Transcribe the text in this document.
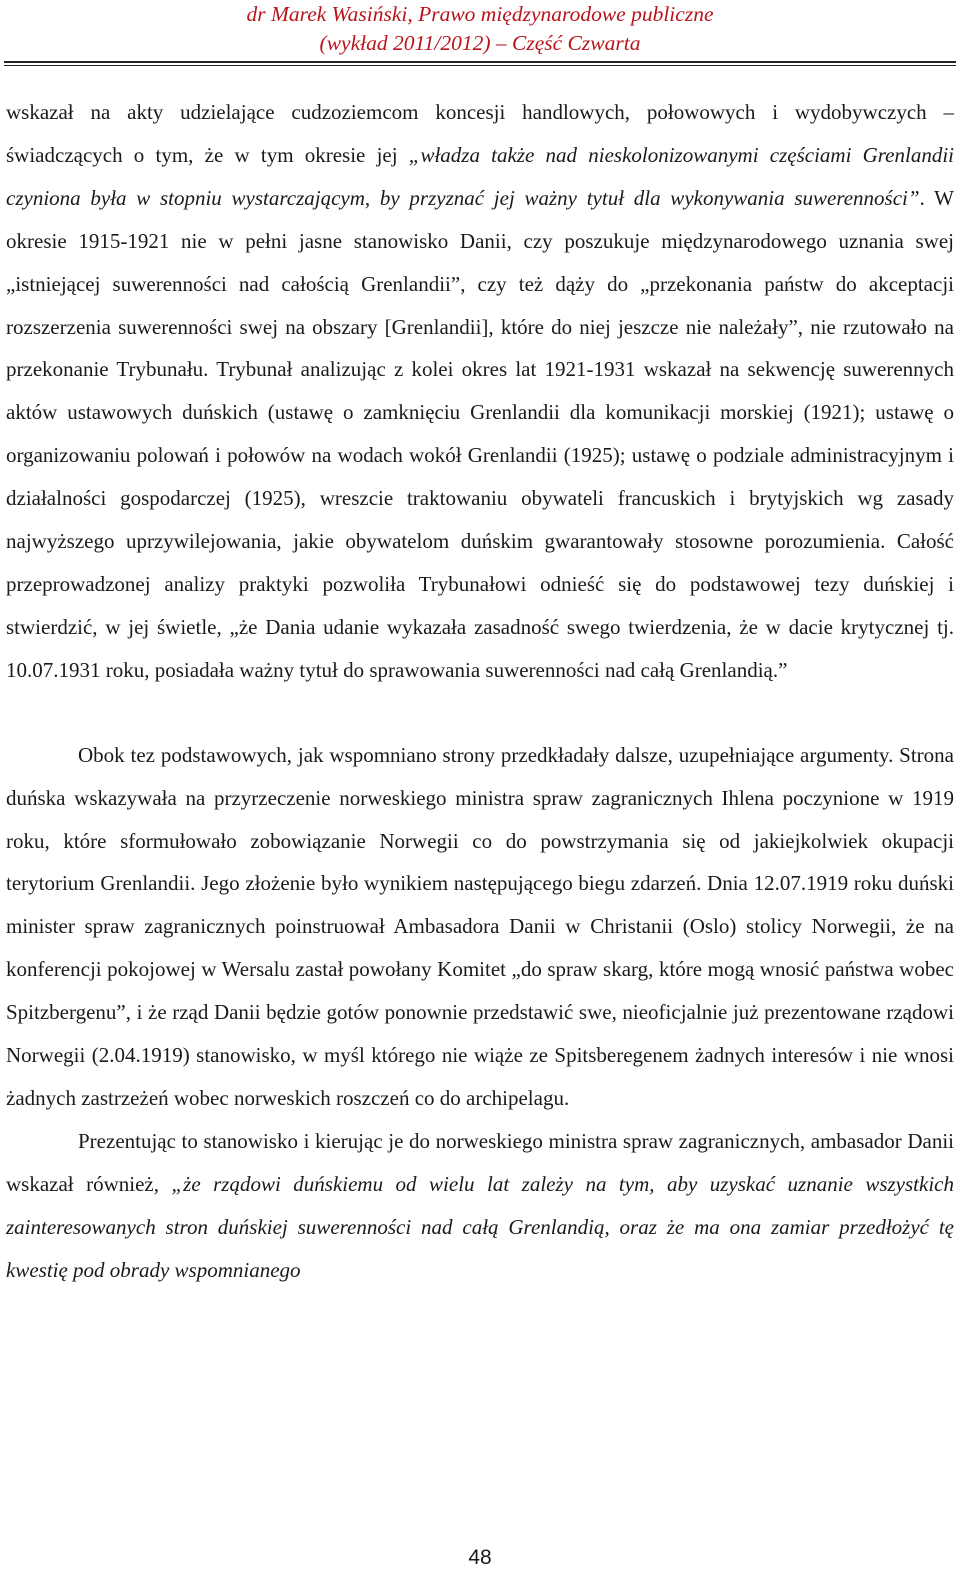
dr Marek Wasiński, Prawo międzynarodowe publiczne
(wykład 2011/2012) – Część Czwarta

wskazał na akty udzielające cudzoziemcom koncesji handlowych, połowowych i wydobywczych – świadczących o tym, że w tym okresie jej „władza także nad nieskolonizowanymi częściami Grenlandii czyniona była w stopniu wystarczającym, by przyznać jej ważny tytuł dla wykonywania suwerenności”. W okresie 1915-1921 nie w pełni jasne stanowisko Danii, czy poszukuje międzynarodowego uznania swej „istniejącej suwerenności nad całością Grenlandii”, czy też dąży do „przekonania państw do akceptacji rozszerzenia suwerenności swej na obszary [Grenlandii], które do niej jeszcze nie należały”, nie rzutowało na przekonanie Trybunału. Trybunał analizując z kolei okres lat 1921-1931 wskazał na sekwencję suwerennych aktów ustawowych duńskich (ustawę o zamknięciu Grenlandii dla komunikacji morskiej (1921); ustawę o organizowaniu polowań i połowów na wodach wokół Grenlandii (1925); ustawę o podziale administracyjnym i działalności gospodarczej (1925), wreszcie traktowaniu obywateli francuskich i brytyjskich wg zasady najwyższego uprzywilejowania, jakie obywatelom duńskim gwarantowały stosowne porozumienia. Całość przeprowadzonej analizy praktyki pozwoliła Trybunałowi odnieść się do podstawowej tezy duńskiej i stwierdzić, w jej świetle, „że Dania udanie wykazała zasadność swego twierdzenia, że w dacie krytycznej tj. 10.07.1931 roku, posiadała ważny tytuł do sprawowania suwerenności nad całą Grenlandią.”

Obok tez podstawowych, jak wspomniano strony przedkładały dalsze, uzupełniające argumenty. Strona duńska wskazywała na przyrzeczenie norweskiego ministra spraw zagranicznych Ihlena poczynione w 1919 roku, które sformułowało zobowiązanie Norwegii co do powstrzymania się od jakiejkolwiek okupacji terytorium Grenlandii. Jego złożenie było wynikiem następującego biegu zdarzeń. Dnia 12.07.1919 roku duński minister spraw zagranicznych poinstruował Ambasadora Danii w Christanii (Oslo) stolicy Norwegii, że na konferencji pokojowej w Wersalu zastał powołany Komitet „do spraw skarg, które mogą wnosić państwa wobec Spitzbergenu”, i że rząd Danii będzie gotów ponownie przedstawić swe, nieoficjalnie już prezentowane rządowi Norwegii (2.04.1919) stanowisko, w myśl którego nie wiąże ze Spitsberegenem żadnych interesów i nie wnosi żadnych zastrzeżeń wobec norweskich roszczeń co do archipelagu.

Prezentując to stanowisko i kierując je do norweskiego ministra spraw zagranicznych, ambasador Danii wskazał również, „że rządowi duńskiemu od wielu lat zależy na tym, aby uzyskać uznanie wszystkich zainteresowanych stron duńskiej suwerenności nad całą Grenlandią, oraz że ma ona zamiar przedłożyć tę kwestię pod obrady wspomnianego

48
